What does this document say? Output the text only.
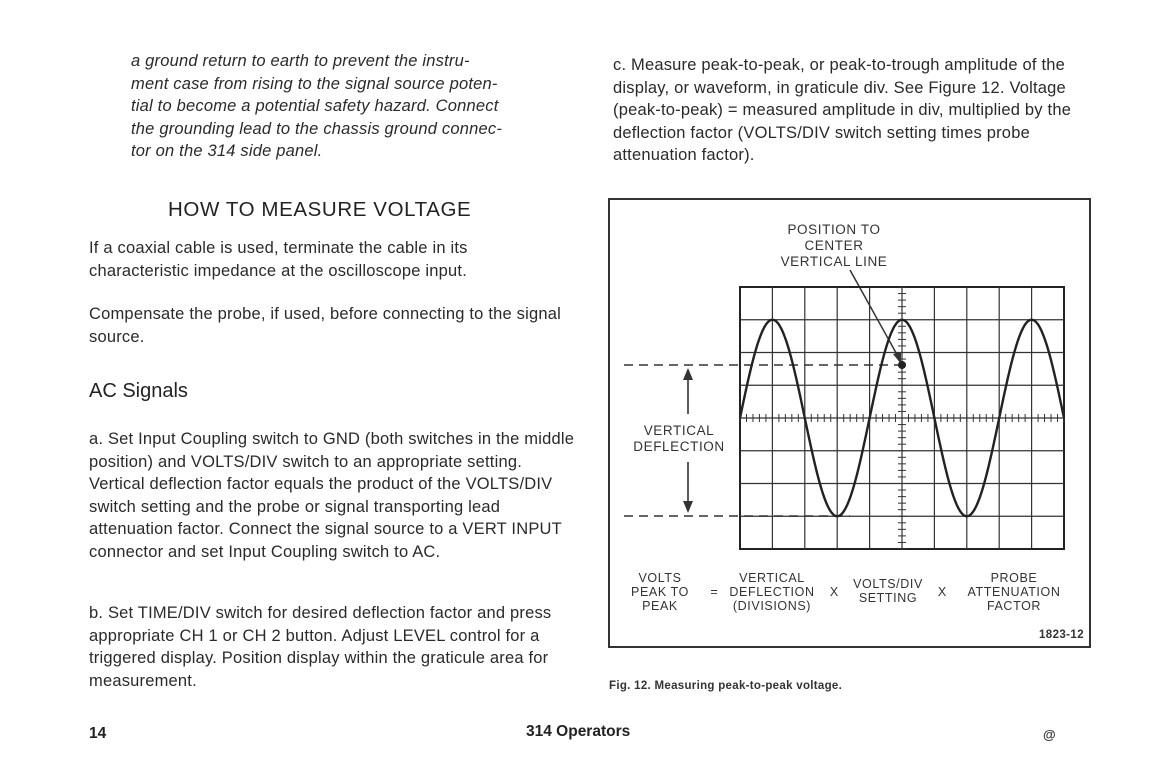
a ground return to earth to prevent the instru-
ment case from rising to the signal source poten-
tial to become a potential safety hazard. Connect
the grounding lead to the chassis ground connec-
tor on the 314 side panel.
HOW TO MEASURE VOLTAGE
If a coaxial cable is used, terminate the cable in its characteristic impedance at the oscilloscope input.
Compensate the probe, if used, before connecting to the signal source.
AC Signals
a. Set Input Coupling switch to GND (both switches in the middle position) and VOLTS/DIV switch to an appropriate setting. Vertical deflection factor equals the product of the VOLTS/DIV switch setting and the probe or signal transporting lead attenuation factor. Connect the signal source to a VERT INPUT connector and set Input Coupling switch to AC.
b. Set TIME/DIV switch for desired deflection factor and press appropriate CH 1 or CH 2 button. Adjust LEVEL control for a triggered display. Position display within the graticule area for measurement.
c. Measure peak-to-peak, or peak-to-trough amplitude of the display, or waveform, in graticule div. See Figure 12. Voltage (peak-to-peak) = measured amplitude in div, multiplied by the deflection factor (VOLTS/DIV switch setting times probe attenuation factor).
POSITION TO
CENTER
VERTICAL LINE
VERTICAL
DEFLECTION
VOLTS
PEAK TO
PEAK
=
VERTICAL
DEFLECTION
(DIVISIONS)
X
VOLTS/DIV
SETTING X
PROBE
ATTENUATION
FACTOR
1823-12
Fig. 12. Measuring peak-to-peak voltage.
14	314 Operators	@
